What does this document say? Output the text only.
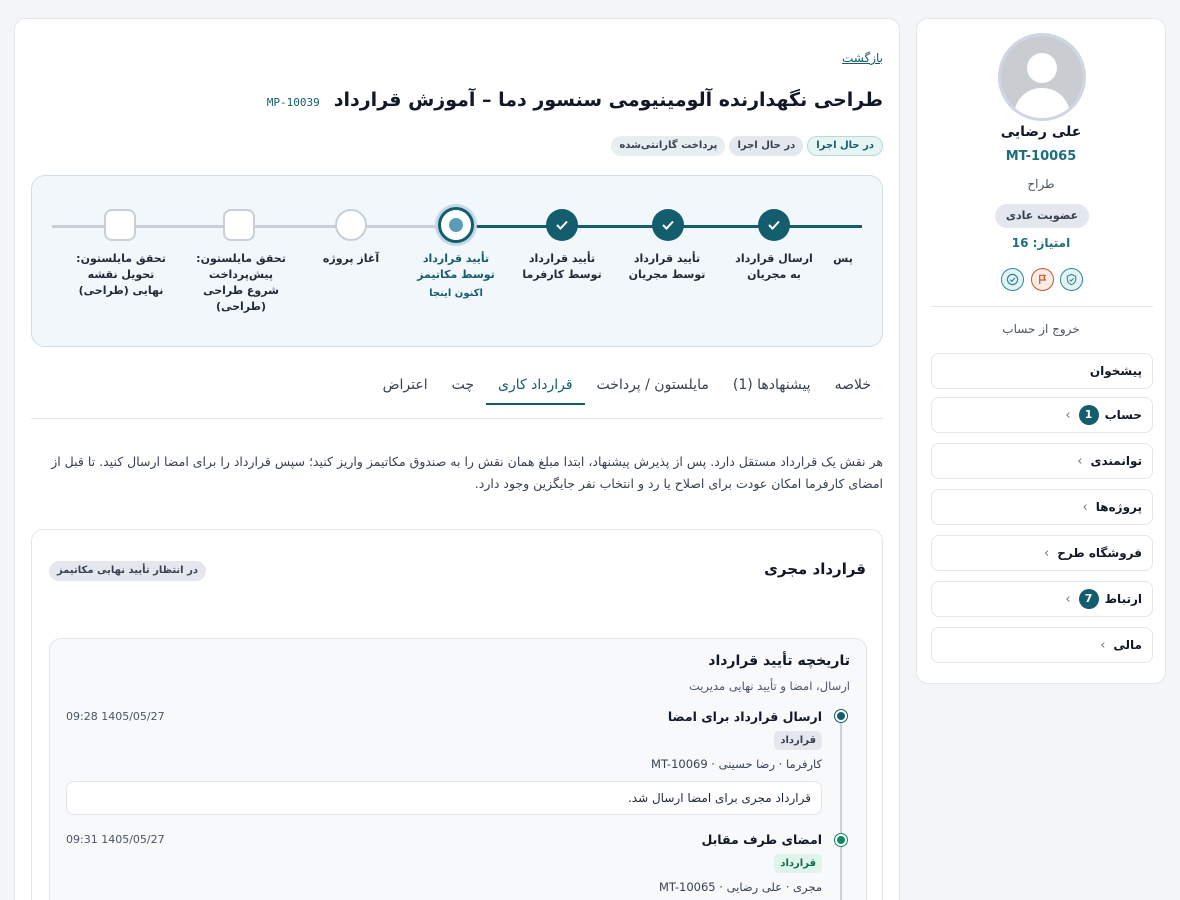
علی رضایی
MT-10065
طراح
عضویت عادی
امتیاز: 16
خروج از حساب
پیشخوان
حساب
1
›
توانمندی
›
پروژه‌ها
›
فروشگاه طرح
›
ارتباط
7
›
مالی
›
بازگشت
طراحی نگهدارنده آلومینیومی سنسور دما – آموزش قرارداد
MP-10039
در حال اجرا
در حال اجرا
پرداخت گارانتی‌شده
پس
ارسال قرارداد به مجریان
تأیید قرارداد توسط مجریان
تأیید قرارداد توسط کارفرما
تأیید قرارداد توسط مکاتیمز
اکنون اینجا
آغاز پروژه
تحقق مایلستون: پیش‌پرداخت شروع طراحی (طراحی)
تحقق مایلستون: تحویل نقشه نهایی (طراحی)
خلاصه
پیشنهادها (1)
مایلستون / پرداخت
قرارداد کاری
چت
اعتراض

هر نقش یک قرارداد مستقل دارد. پس از پذیرش پیشنهاد، ابتدا مبلغ همان نقش را به صندوق مکاتیمز واریز کنید؛ سپس قرارداد را برای امضا ارسال کنید. تا قبل از امضای کارفرما امکان عودت برای اصلاح یا رد و انتخاب نفر جایگزین وجود دارد.

قرارداد مجری
در انتظار تأیید نهایی مکاتیمز
تاریخچه تأیید قرارداد
ارسال، امضا و تأیید نهایی مدیریت
ارسال قرارداد برای امضا
09:28 1405/05/27
قرارداد
کارفرما · رضا حسینی · MT-10069
قرارداد مجری برای امضا ارسال شد.
امضای طرف مقابل
09:31 1405/05/27
قرارداد
مجری · علی رضایی · MT-10065
